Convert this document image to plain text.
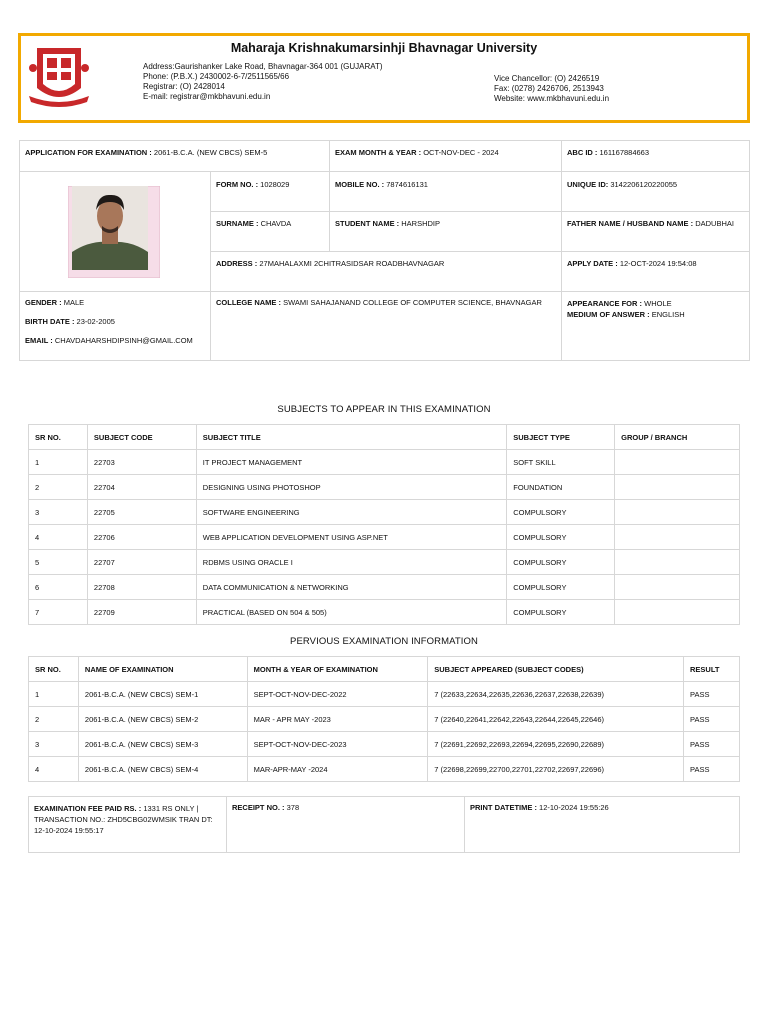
Maharaja Krishnakumarsinhji Bhavnagar University
Address:Gaurishanker Lake Road, Bhavnagar-364 001 (GUJARAT)
Phone: (P.B.X.) 2430002-6-7/2511565/66
Registrar: (O) 2428014
E-mail: registrar@mkbhavuni.edu.in
Vice Chancellor: (O) 2426519
Fax: (0278) 2426706, 2513943
Website: www.mkbhavuni.edu.in
APPLICATION FOR EXAMINATION : 2061-B.C.A. (NEW CBCS) SEM-5	EXAM MONTH & YEAR : OCT-NOV-DEC - 2024	ABC ID : 161167884663
FORM NO. : 1028029	MOBILE NO. : 7874616131	UNIQUE ID: 3142206120220055
SURNAME : CHAVDA	STUDENT NAME : HARSHDIP	FATHER NAME / HUSBAND NAME : DADUBHAI
ADDRESS : 27MAHALAXMI 2CHITRASIDSAR ROADBHAVNAGAR	APPLY DATE : 12-OCT-2024 19:54:08
GENDER : MALE
BIRTH DATE : 23-02-2005
EMAIL : CHAVDAHARSHDIPSINH@GMAIL.COM
COLLEGE NAME : SWAMI SAHAJANAND COLLEGE OF COMPUTER SCIENCE, BHAVNAGAR	APPEARANCE FOR : WHOLE
MEDIUM OF ANSWER : ENGLISH
SUBJECTS TO APPEAR IN THIS EXAMINATION
SR NO.	SUBJECT CODE	SUBJECT TITLE	SUBJECT TYPE	GROUP / BRANCH
1	22703	IT PROJECT MANAGEMENT	SOFT SKILL	
2	22704	DESIGNING USING PHOTOSHOP	FOUNDATION	
3	22705	SOFTWARE ENGINEERING	COMPULSORY	
4	22706	WEB APPLICATION DEVELOPMENT USING ASP.NET	COMPULSORY	
5	22707	RDBMS USING ORACLE I	COMPULSORY	
6	22708	DATA COMMUNICATION & NETWORKING	COMPULSORY	
7	22709	PRACTICAL (BASED ON 504 & 505)	COMPULSORY	
PERVIOUS EXAMINATION INFORMATION
SR NO.	NAME OF EXAMINATION	MONTH & YEAR OF EXAMINATION	SUBJECT APPEARED (SUBJECT CODES)	RESULT
1	2061-B.C.A. (NEW CBCS) SEM-1	SEPT-OCT-NOV-DEC-2022	7 (22633,22634,22635,22636,22637,22638,22639)	PASS
2	2061-B.C.A. (NEW CBCS) SEM-2	MAR - APR MAY -2023	7 (22640,22641,22642,22643,22644,22645,22646)	PASS
3	2061-B.C.A. (NEW CBCS) SEM-3	SEPT-OCT-NOV-DEC-2023	7 (22691,22692,22693,22694,22695,22690,22689)	PASS
4	2061-B.C.A. (NEW CBCS) SEM-4	MAR-APR-MAY -2024	7 (22698,22699,22700,22701,22702,22697,22696)	PASS
EXAMINATION FEE PAID RS. : 1331 RS ONLY |
TRANSACTION NO.: ZHD5CBG02WMSIK TRAN DT:
12-10-2024 19:55:17
RECEIPT NO. : 378	PRINT DATETIME : 12-10-2024 19:55:26
